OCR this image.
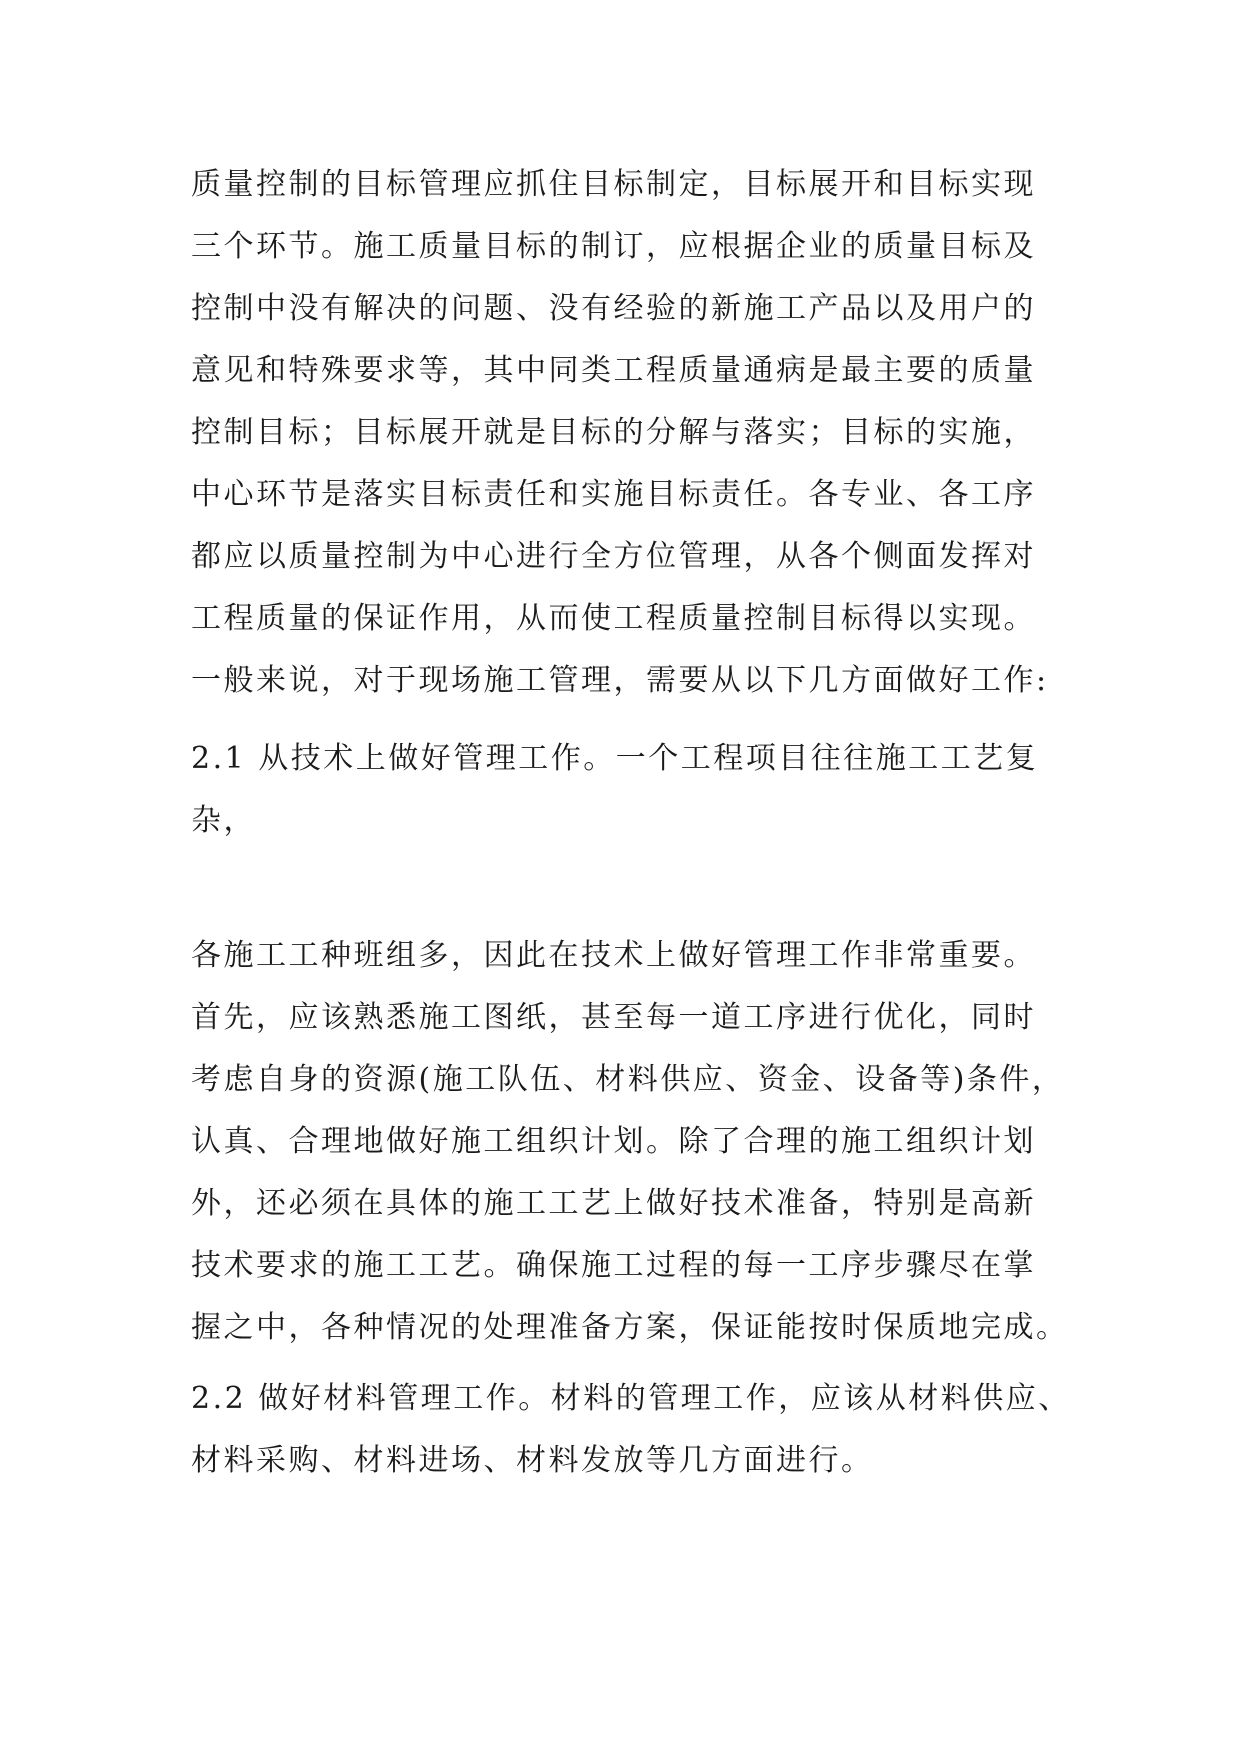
质量控制的目标管理应抓住目标制定，目标展开和目标实现
三个环节。施工质量目标的制订，应根据企业的质量目标及
控制中没有解决的问题、没有经验的新施工产品以及用户的
意见和特殊要求等，其中同类工程质量通病是最主要的质量
控制目标；目标展开就是目标的分解与落实；目标的实施，
中心环节是落实目标责任和实施目标责任。各专业、各工序
都应以质量控制为中心进行全方位管理，从各个侧面发挥对
工程质量的保证作用，从而使工程质量控制目标得以实现。
一般来说，对于现场施工管理，需要从以下几方面做好工作:
2.1 从技术上做好管理工作。一个工程项目往往施工工艺复
杂，
各施工工种班组多，因此在技术上做好管理工作非常重要。
首先，应该熟悉施工图纸，甚至每一道工序进行优化，同时
考虑自身的资源(施工队伍、材料供应、资金、设备等)条件，
认真、合理地做好施工组织计划。除了合理的施工组织计划
外，还必须在具体的施工工艺上做好技术准备，特别是高新
技术要求的施工工艺。确保施工过程的每一工序步骤尽在掌
握之中，各种情况的处理准备方案，保证能按时保质地完成。
2.2 做好材料管理工作。材料的管理工作，应该从材料供应、
材料采购、材料进场、材料发放等几方面进行。
